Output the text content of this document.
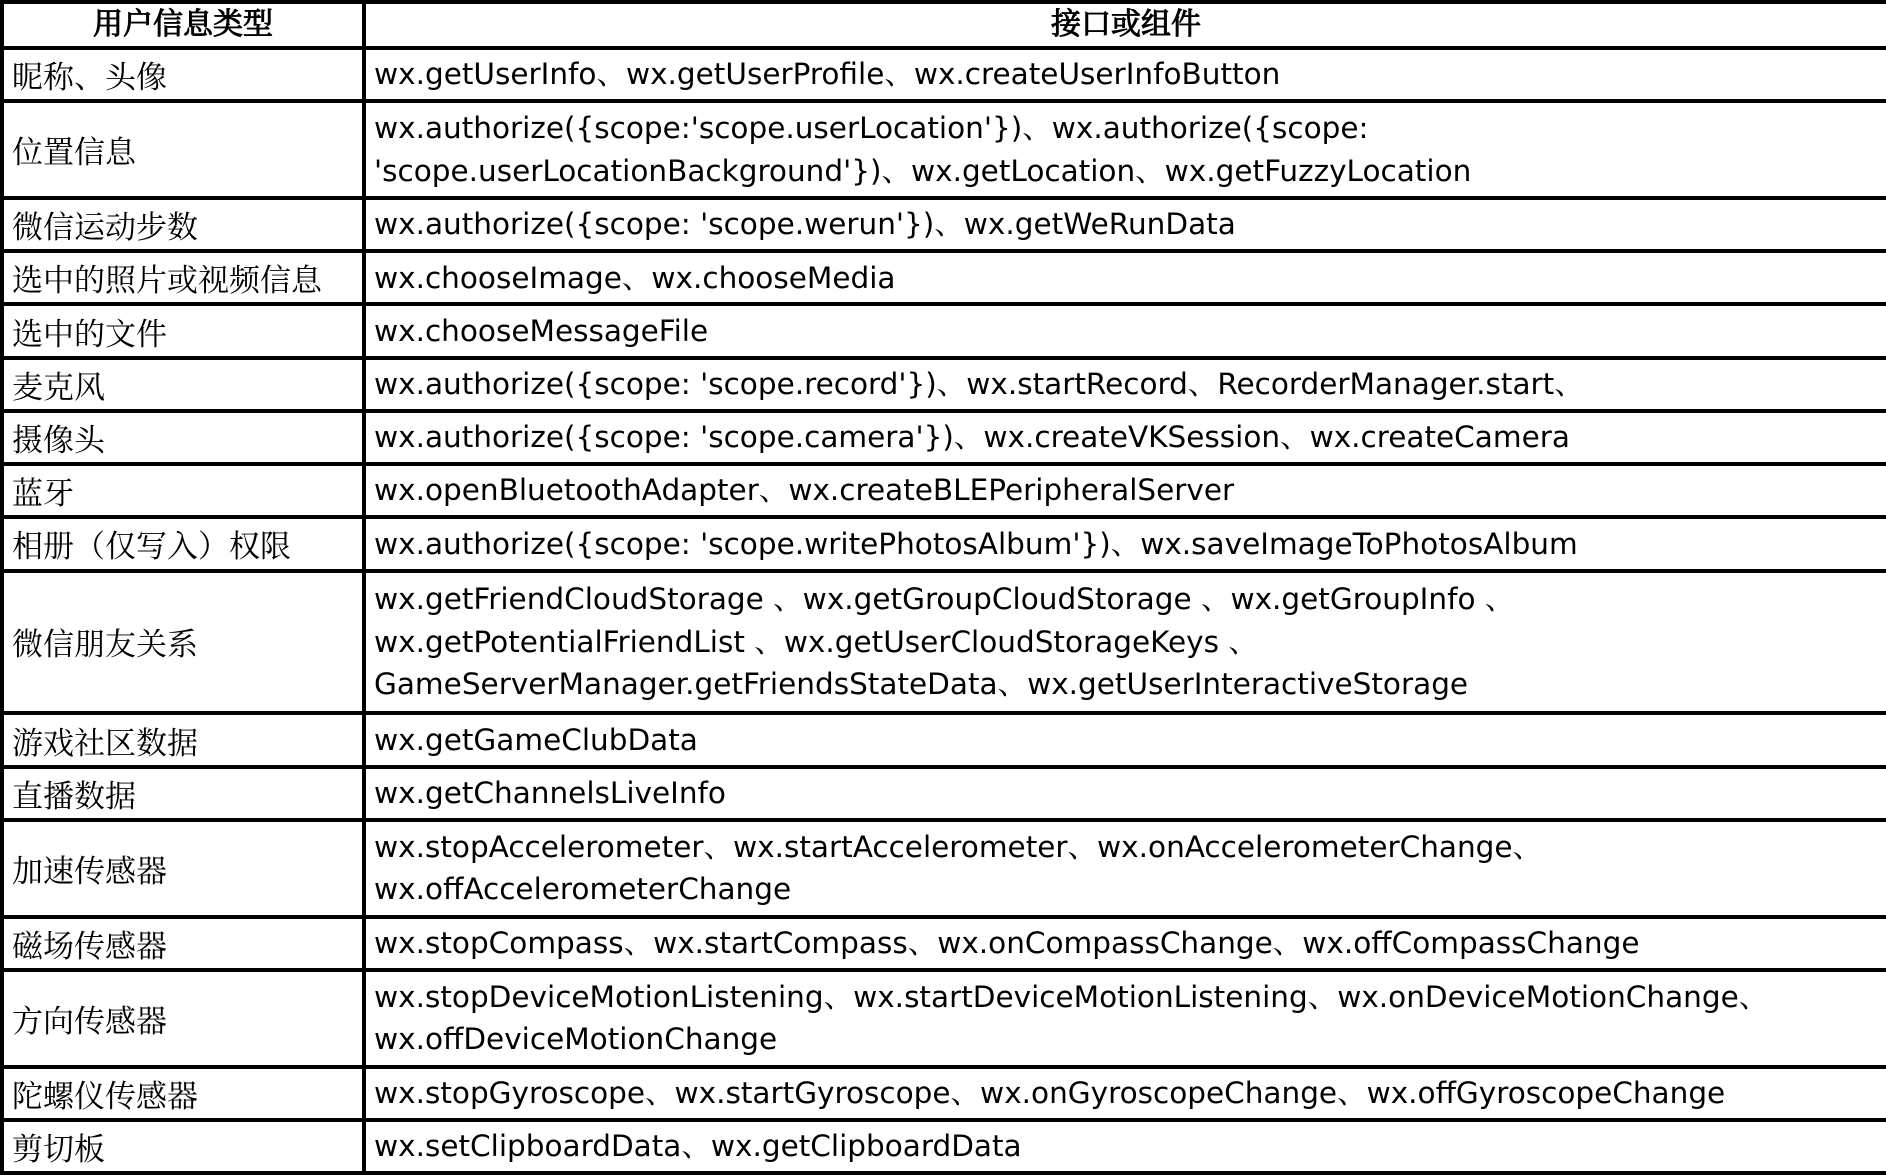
用户信息类型	接口或组件
昵称、头像	wx.getUserInfo、wx.getUserProfile、wx.createUserInfoButton

位置信息	wx.authorize({scope:'scope.userLocation'})、wx.authorize({scope:
'scope.userLocationBackground'})、wx.getLocation、wx.getFuzzyLocation

微信运动步数	wx.authorize({scope: 'scope.werun'})、wx.getWeRunData

选中的照片或视频信息	wx.chooseImage、wx.chooseMedia

选中的文件	wx.chooseMessageFile

麦克风	wx.authorize({scope: 'scope.record'})、wx.startRecord、RecorderManager.start、

摄像头	wx.authorize({scope: 'scope.camera'})、wx.createVKSession、wx.createCamera

蓝牙	wx.openBluetoothAdapter、wx.createBLEPeripheralServer

相册（仅写入）权限	wx.authorize({scope: 'scope.writePhotosAlbum'})、wx.saveImageToPhotosAlbum

微信朋友关系	wx.getFriendCloudStorage 、wx.getGroupCloudStorage 、wx.getGroupInfo 、
wx.getPotentialFriendList 、wx.getUserCloudStorageKeys 、
GameServerManager.getFriendsStateData、wx.getUserInteractiveStorage

游戏社区数据	wx.getGameClubData

直播数据	wx.getChannelsLiveInfo

加速传感器	wx.stopAccelerometer、wx.startAccelerometer、wx.onAccelerometerChange、
wx.offAccelerometerChange

磁场传感器	wx.stopCompass、wx.startCompass、wx.onCompassChange、wx.offCompassChange

方向传感器	wx.stopDeviceMotionListening、wx.startDeviceMotionListening、wx.onDeviceMotionChange、
wx.offDeviceMotionChange

陀螺仪传感器	wx.stopGyroscope、wx.startGyroscope、wx.onGyroscopeChange、wx.offGyroscopeChange

剪切板	wx.setClipboardData、wx.getClipboardData
